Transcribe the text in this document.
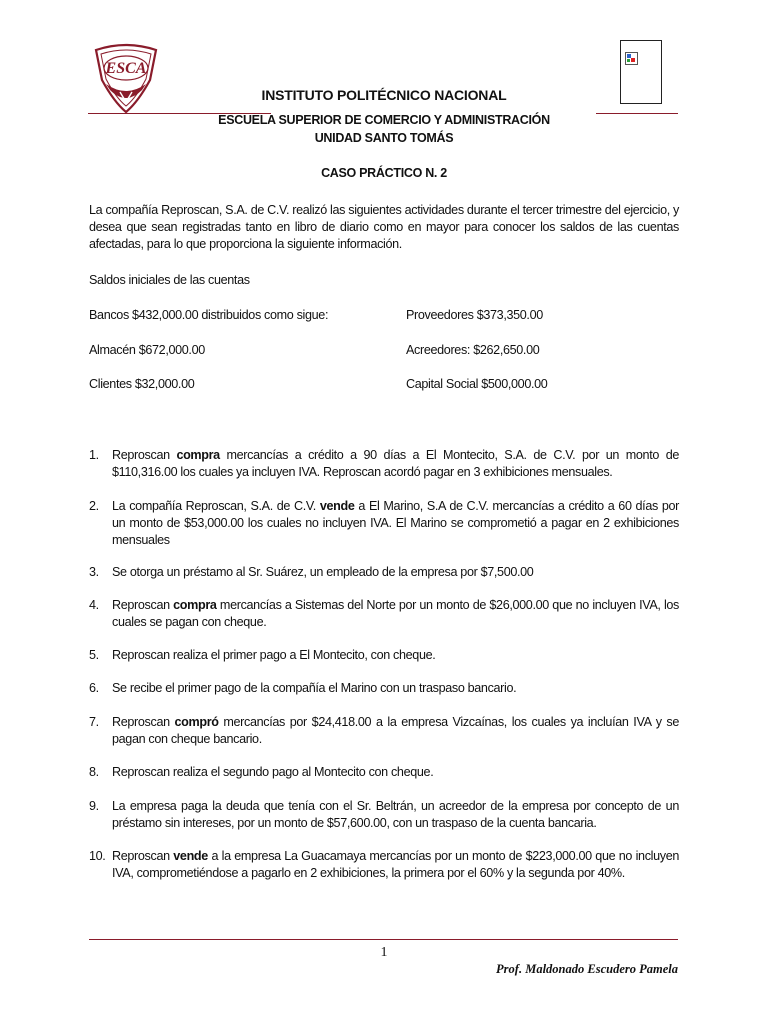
ESCA
INSTITUTO POLITÉCNICO NACIONAL
ESCUELA SUPERIOR DE COMERCIO Y ADMINISTRACIÓN
UNIDAD SANTO TOMÁS
CASO PRÁCTICO N. 2
La compañía Reproscan, S.A. de C.V. realizó las siguientes actividades durante el tercer trimestre del ejercicio, y desea que sean registradas tanto en libro de diario como en mayor para conocer los saldos de las cuentas afectadas, para lo que proporciona la siguiente información.
Saldos iniciales de las cuentas
Bancos $432,000.00 distribuidos como sigue:	Proveedores $373,350.00
Almacén $672,000.00	Acreedores: $262,650.00
Clientes $32,000.00	Capital Social $500,000.00
1. Reproscan compra mercancías a crédito a 90 días a El Montecito, S.A. de C.V. por un monto de $110,316.00 los cuales ya incluyen IVA. Reproscan acordó pagar en 3 exhibiciones mensuales.
2. La compañía Reproscan, S.A. de C.V. vende a El Marino, S.A de C.V. mercancías a crédito a 60 días por un monto de $53,000.00 los cuales no incluyen IVA. El Marino se comprometió a pagar en 2 exhibiciones mensuales
3. Se otorga un préstamo al Sr. Suárez, un empleado de la empresa por $7,500.00
4. Reproscan compra mercancías a Sistemas del Norte por un monto de $26,000.00 que no incluyen IVA, los cuales se pagan con cheque.
5. Reproscan realiza el primer pago a El Montecito, con cheque.
6. Se recibe el primer pago de la compañía el Marino con un traspaso bancario.
7. Reproscan compró mercancías por $24,418.00 a la empresa Vizcaínas, los cuales ya incluían IVA y se pagan con cheque bancario.
8. Reproscan realiza el segundo pago al Montecito con cheque.
9. La empresa paga la deuda que tenía con el Sr. Beltrán, un acreedor de la empresa por concepto de un préstamo sin intereses, por un monto de $57,600.00, con un traspaso de la cuenta bancaria.
10. Reproscan vende a la empresa La Guacamaya mercancías por un monto de $223,000.00 que no incluyen IVA, comprometiéndose a pagarlo en 2 exhibiciones, la primera por el 60% y la segunda por 40%.
1
Prof. Maldonado Escudero Pamela
